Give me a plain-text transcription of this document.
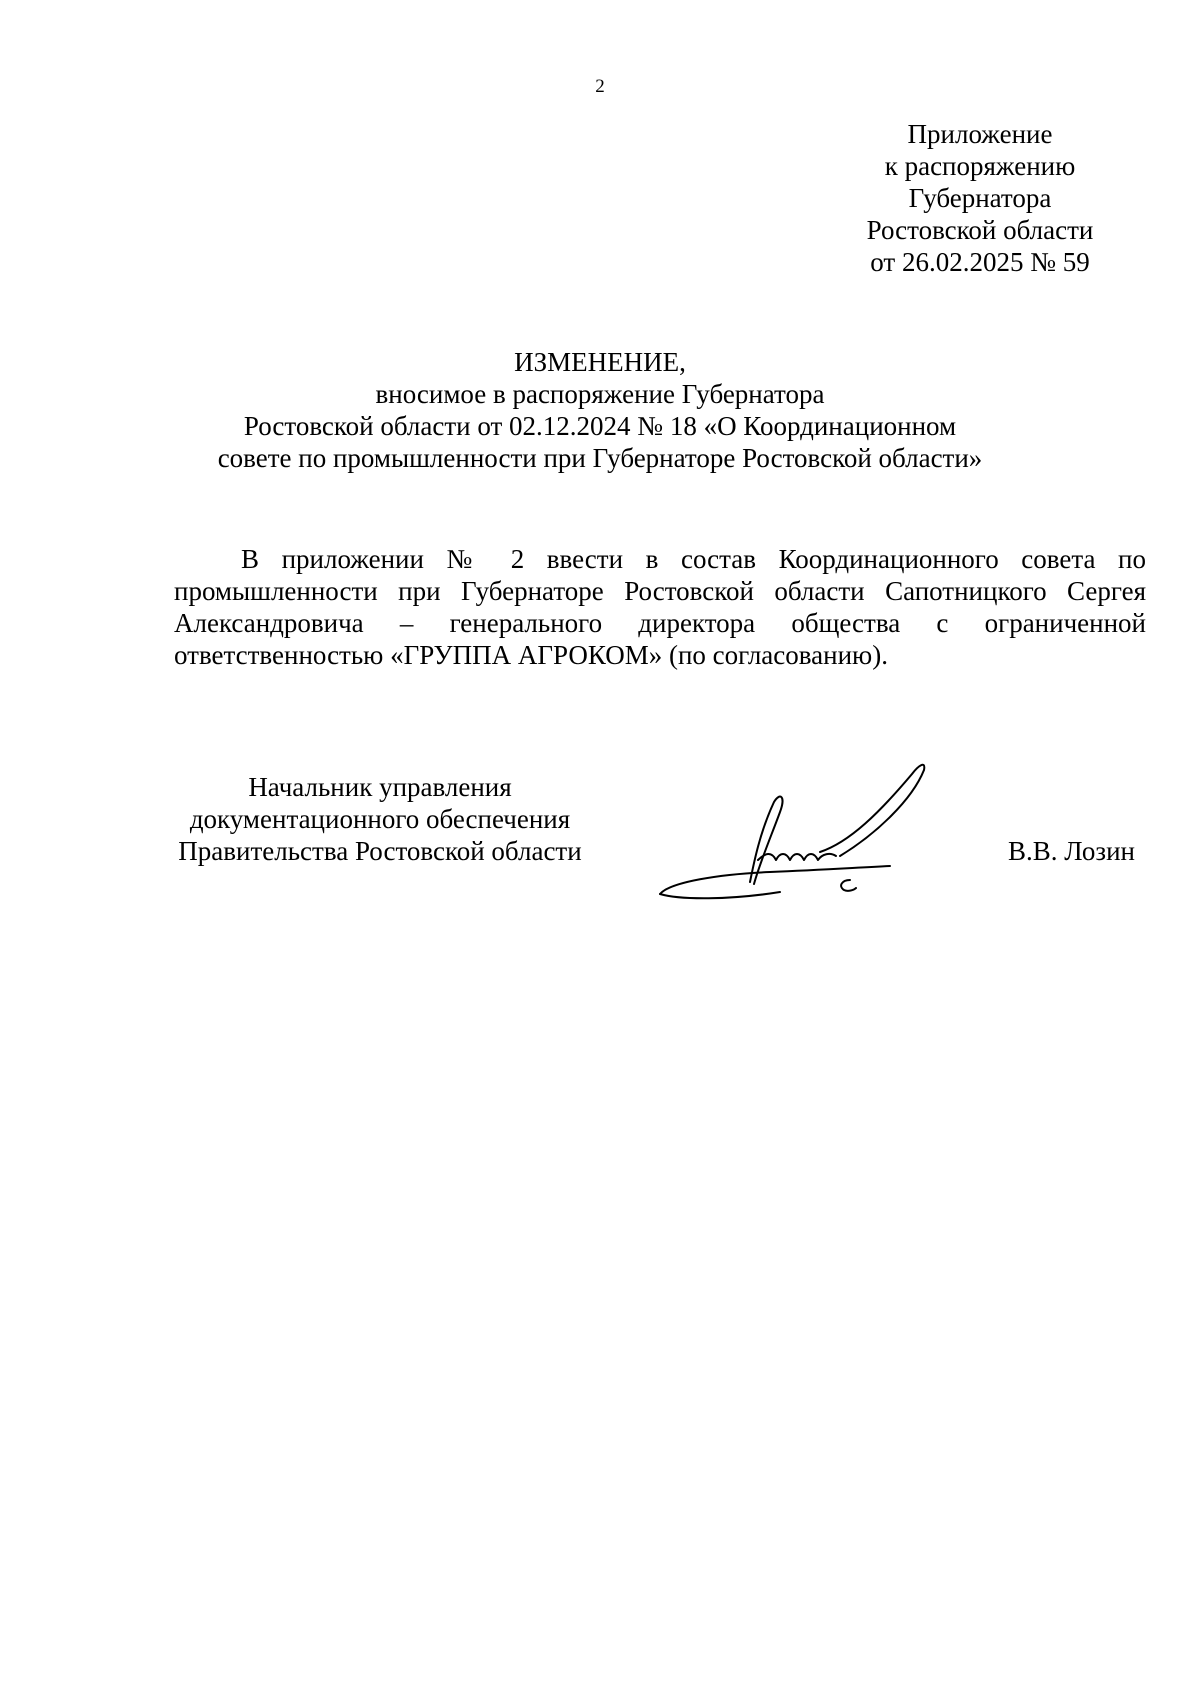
2
Приложение
к распоряжению
Губернатора
Ростовской области
от 26.02.2025 № 59
ИЗМЕНЕНИЕ,
вносимое в распоряжение Губернатора
Ростовской области от 02.12.2024 № 18 «О Координационном
совете по промышленности при Губернаторе Ростовской области»

В приложении № 2 ввести в состав Координационного совета по промышленности при Губернаторе Ростовской области Сапотницкого Сергея Александровича – генерального директора общества с ограниченной ответственностью «ГРУППА АГРОКОМ» (по согласованию).

Начальник управления
документационного обеспечения
Правительства Ростовской области	В.В. Лозин
